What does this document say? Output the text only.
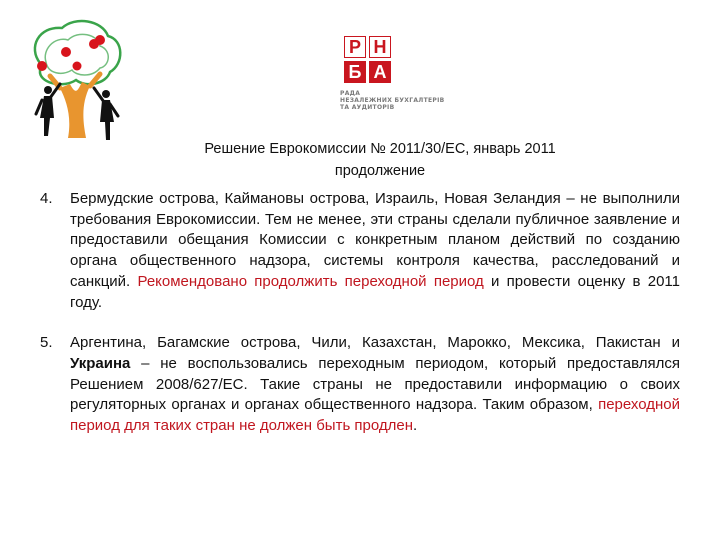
Р Н
Б А
РАДА
НЕЗАЛЕЖНИХ БУХГАЛТЕРІВ
ТА АУДИТОРІВ
Решение Еврокомиссии № 2011/30/ЕС, январь 2011
продолжение
4.	Бермудские острова, Каймановы острова, Израиль, Новая Зеландия – не выполнили требования Еврокомиссии. Тем не менее, эти страны сделали публичное заявление и предоставили обещания Комиссии с конкретным планом действий по созданию органа общественного надзора, системы контроля качества, расследований и санкций. Рекомендовано продолжить переходной период и провести оценку в 2011 году.
5.	Аргентина, Багамские острова, Чили, Казахстан, Марокко, Мексика, Пакистан и Украина – не воспользовались переходным периодом, который предоставлялся Решением 2008/627/ЕС. Такие страны не предоставили информацию о своих регуляторных органах и органах общественного надзора. Таким образом, переходной период для таких стран не должен быть продлен.
